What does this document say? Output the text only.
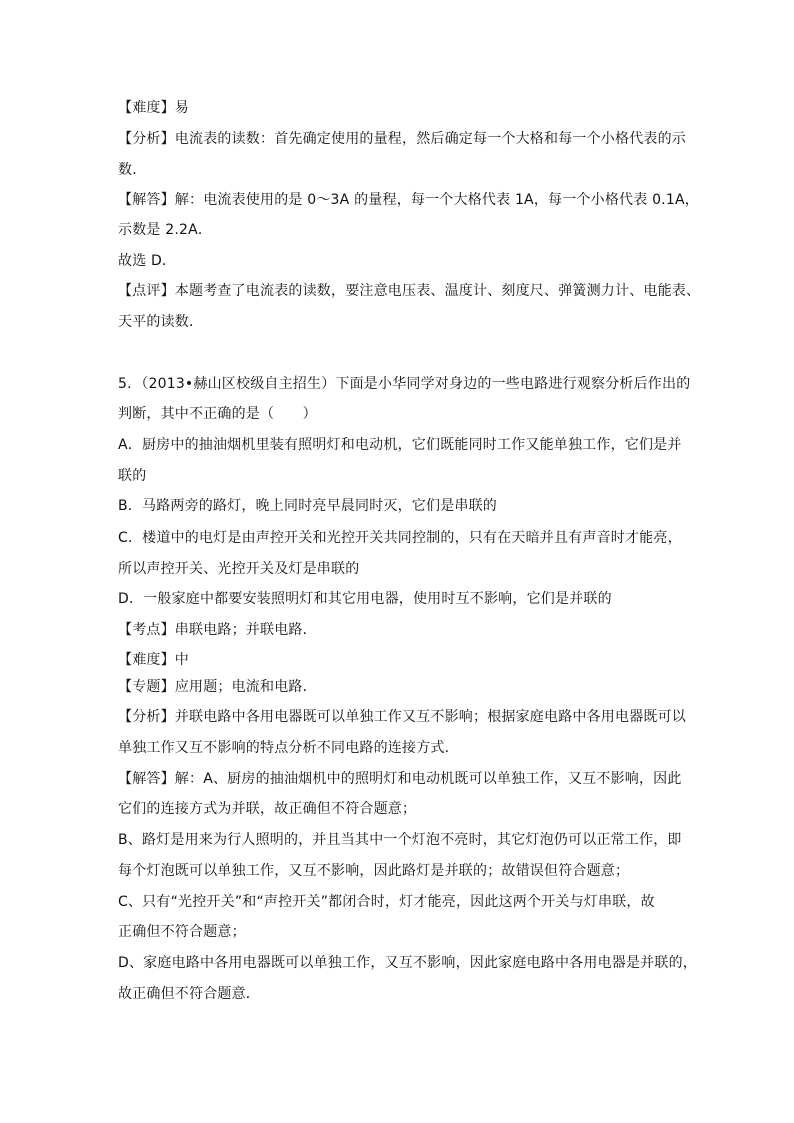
【难度】易
【分析】电流表的读数：首先确定使用的量程，然后确定每一个大格和每一个小格代表的示
数．
【解答】解：电流表使用的是 0～3A 的量程，每一个大格代表 1A，每一个小格代表 0.1A，
示数是 2.2A．
故选 D．
【点评】本题考查了电流表的读数，要注意电压表、温度计、刻度尺、弹簧测力计、电能表、
天平的读数．
5．（2013•赫山区校级自主招生）下面是小华同学对身边的一些电路进行观察分析后作出的
判断，其中不正确的是（　　）
A．厨房中的抽油烟机里装有照明灯和电动机，它们既能同时工作又能单独工作，它们是并
联的
B．马路两旁的路灯，晚上同时亮早晨同时灭，它们是串联的
C．楼道中的电灯是由声控开关和光控开关共同控制的，只有在天暗并且有声音时才能亮，
所以声控开关、光控开关及灯是串联的
D．一般家庭中都要安装照明灯和其它用电器，使用时互不影响，它们是并联的
【考点】串联电路；并联电路．
【难度】中
【专题】应用题；电流和电路．
【分析】并联电路中各用电器既可以单独工作又互不影响；根据家庭电路中各用电器既可以
单独工作又互不影响的特点分析不同电路的连接方式．
【解答】解：A、厨房的抽油烟机中的照明灯和电动机既可以单独工作，又互不影响，因此
它们的连接方式为并联，故正确但不符合题意；
B、路灯是用来为行人照明的，并且当其中一个灯泡不亮时，其它灯泡仍可以正常工作，即
每个灯泡既可以单独工作，又互不影响，因此路灯是并联的；故错误但符合题意；
C、只有“光控开关”和“声控开关”都闭合时，灯才能亮，因此这两个开关与灯串联，故
正确但不符合题意；
D、家庭电路中各用电器既可以单独工作，又互不影响，因此家庭电路中各用电器是并联的，
故正确但不符合题意．
